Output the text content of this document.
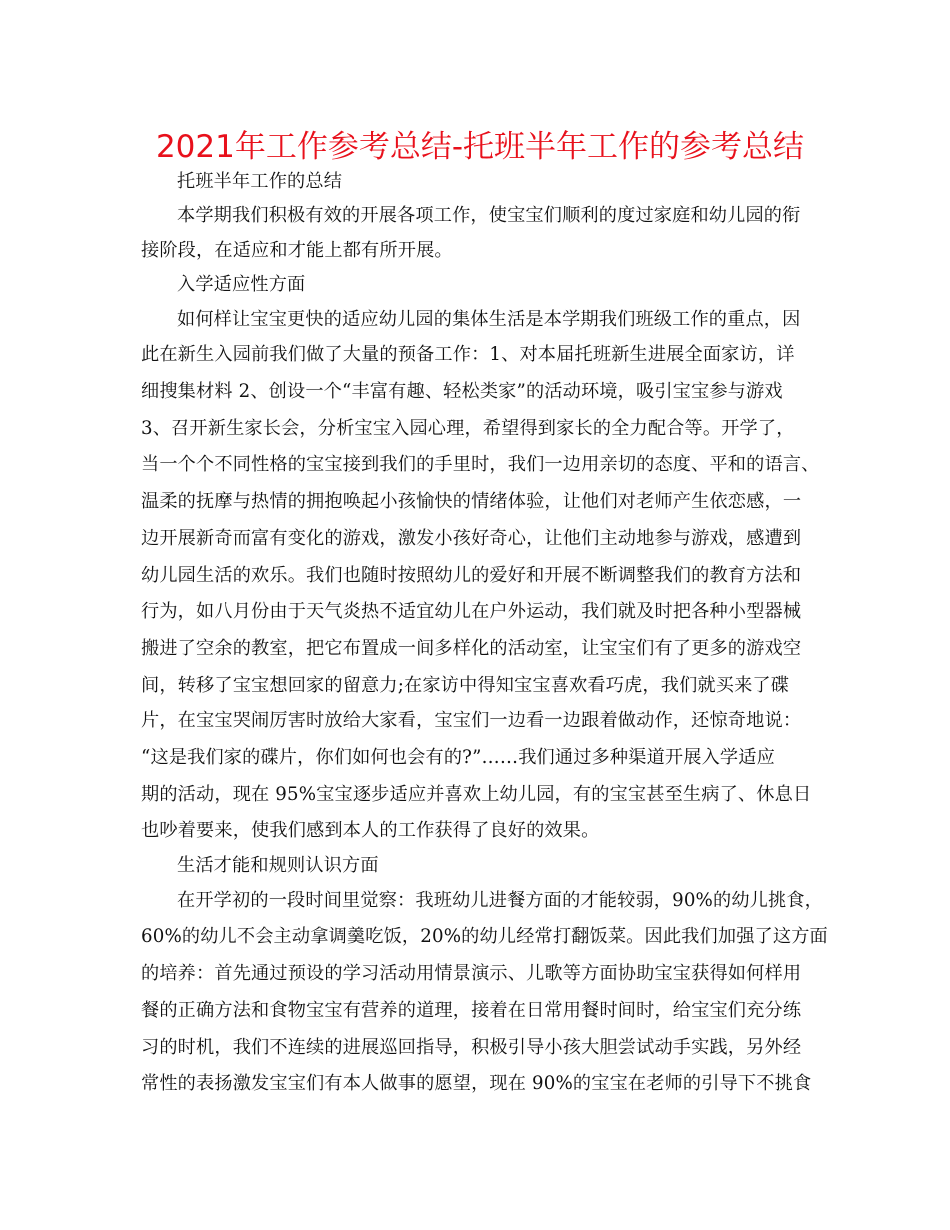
2021年工作参考总结-托班半年工作的参考总结
托班半年工作的总结
本学期我们积极有效的开展各项工作，使宝宝们顺利的度过家庭和幼儿园的衔
接阶段，在适应和才能上都有所开展。
入学适应性方面
如何样让宝宝更快的适应幼儿园的集体生活是本学期我们班级工作的重点，因
此在新生入园前我们做了大量的预备工作：1、对本届托班新生进展全面家访，详
细搜集材料 2、创设一个“丰富有趣、轻松类家”的活动环境，吸引宝宝参与游戏
3、召开新生家长会，分析宝宝入园心理，希望得到家长的全力配合等。开学了，
当一个个不同性格的宝宝接到我们的手里时，我们一边用亲切的态度、平和的语言、
温柔的抚摩与热情的拥抱唤起小孩愉快的情绪体验，让他们对老师产生依恋感，一
边开展新奇而富有变化的游戏，激发小孩好奇心，让他们主动地参与游戏，感遭到
幼儿园生活的欢乐。我们也随时按照幼儿的爱好和开展不断调整我们的教育方法和
行为，如八月份由于天气炎热不适宜幼儿在户外运动，我们就及时把各种小型器械
搬进了空余的教室，把它布置成一间多样化的活动室，让宝宝们有了更多的游戏空
间，转移了宝宝想回家的留意力;在家访中得知宝宝喜欢看巧虎，我们就买来了碟
片，在宝宝哭闹厉害时放给大家看，宝宝们一边看一边跟着做动作，还惊奇地说：
“这是我们家的碟片，你们如何也会有的?”……我们通过多种渠道开展入学适应
期的活动，现在 95%宝宝逐步适应并喜欢上幼儿园，有的宝宝甚至生病了、休息日
也吵着要来，使我们感到本人的工作获得了良好的效果。
生活才能和规则认识方面
在开学初的一段时间里觉察：我班幼儿进餐方面的才能较弱，90%的幼儿挑食，
60%的幼儿不会主动拿调羹吃饭，20%的幼儿经常打翻饭菜。因此我们加强了这方面
的培养：首先通过预设的学习活动用情景演示、儿歌等方面协助宝宝获得如何样用
餐的正确方法和食物宝宝有营养的道理，接着在日常用餐时间时，给宝宝们充分练
习的时机，我们不连续的进展巡回指导，积极引导小孩大胆尝试动手实践，另外经
常性的表扬激发宝宝们有本人做事的愿望，现在 90%的宝宝在老师的引导下不挑食
